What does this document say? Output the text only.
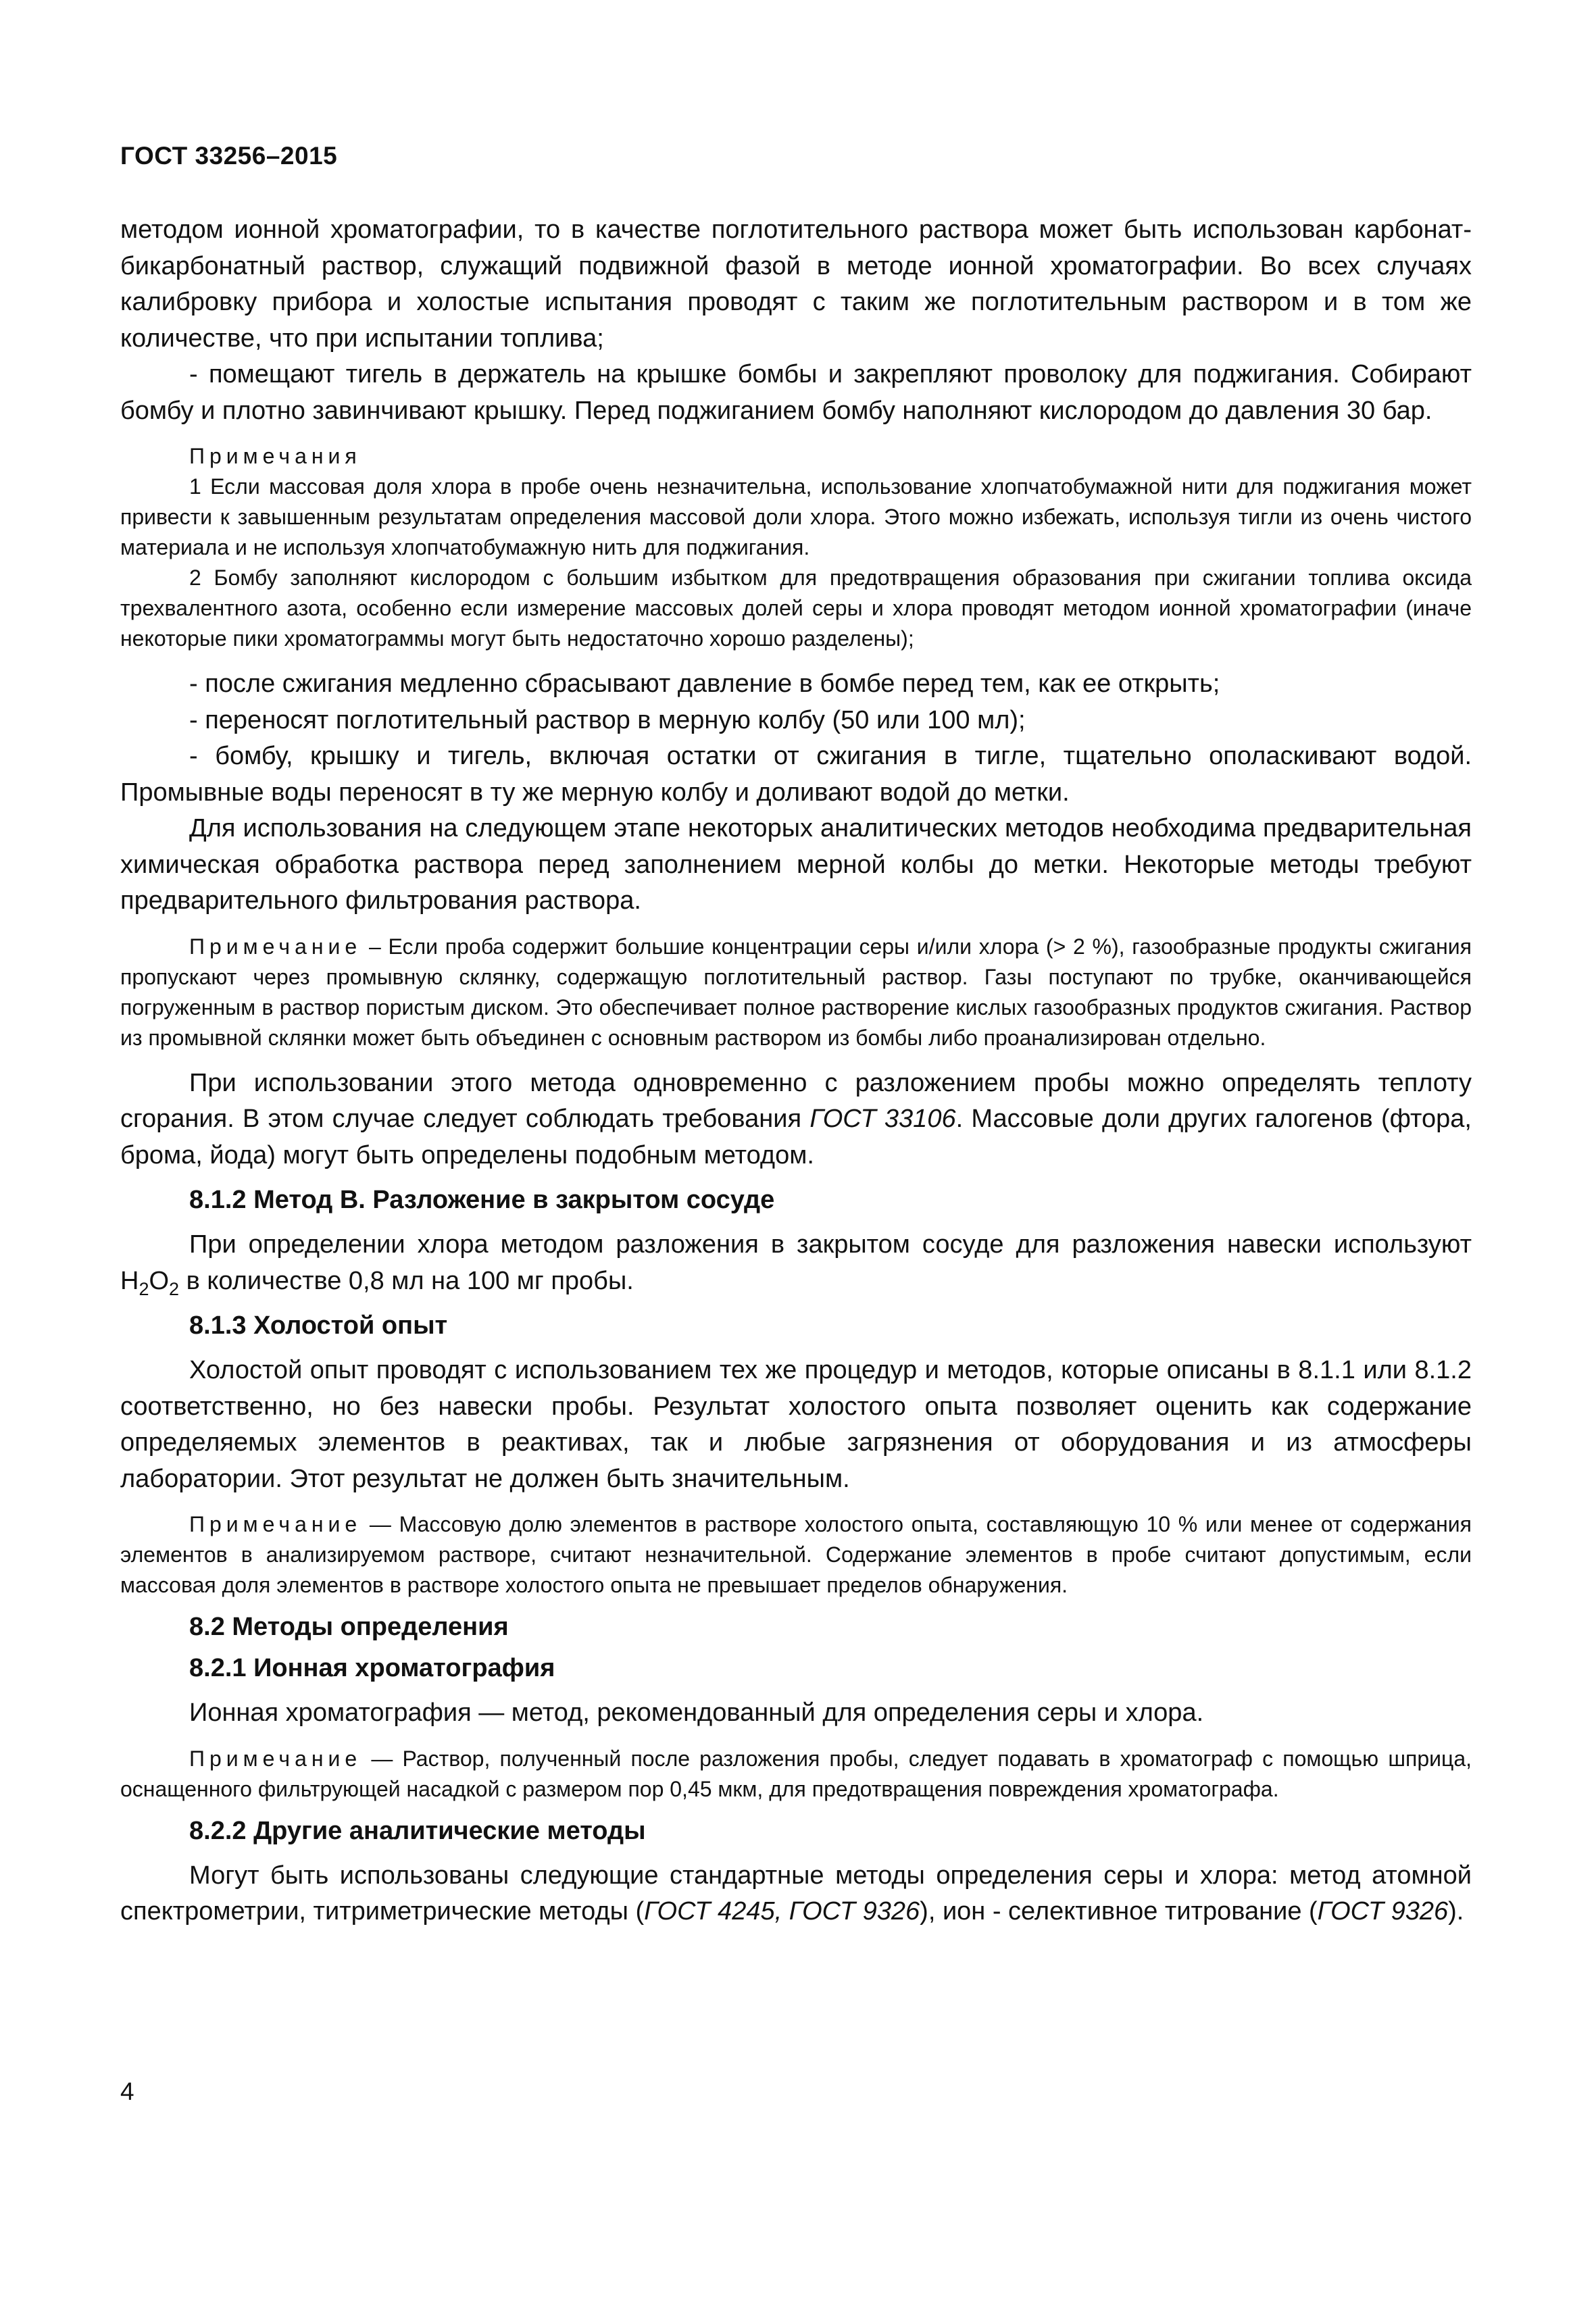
ГОСТ 33256–2015

методом ионной хроматографии, то в качестве поглотительного раствора может быть использован карбонат-бикарбонатный раствор, служащий подвижной фазой в методе ионной хроматографии. Во всех случаях калибровку прибора и холостые испытания проводят с таким же поглотительным раствором и в том же количестве, что при испытании топлива;

- помещают тигель в держатель на крышке бомбы и закрепляют проволоку для поджигания. Собирают бомбу и плотно завинчивают крышку. Перед поджиганием бомбу наполняют кислородом до давления 30 бар.

Примечания

1 Если массовая доля хлора в пробе очень незначительна, использование хлопчатобумажной нити для поджигания может привести к завышенным результатам определения массовой доли хлора. Этого можно избежать, используя тигли из очень чистого материала и не используя хлопчатобумажную нить для поджигания.

2 Бомбу заполняют кислородом с большим избытком для предотвращения образования при сжигании топлива оксида трехвалентного азота, особенно если измерение массовых долей серы и хлора проводят методом ионной хроматографии (иначе некоторые пики хроматограммы могут быть недостаточно хорошо разделены);

- после сжигания медленно сбрасывают давление в бомбе перед тем, как ее открыть;

- переносят поглотительный раствор в мерную колбу (50 или 100 мл);

- бомбу, крышку и тигель, включая остатки от сжигания в тигле, тщательно ополаскивают водой. Промывные воды переносят в ту же мерную колбу и доливают водой до метки.

Для использования на следующем этапе некоторых аналитических методов необходима предварительная химическая обработка раствора перед заполнением мерной колбы до метки. Некоторые методы требуют предварительного фильтрования раствора.

Примечание – Если проба содержит большие концентрации серы и/или хлора (> 2 %), газообразные продукты сжигания пропускают через промывную склянку, содержащую поглотительный раствор. Газы поступают по трубке, оканчивающейся погруженным в раствор пористым диском. Это обеспечивает полное растворение кислых газообразных продуктов сжигания. Раствор из промывной склянки может быть объединен с основным раствором из бомбы либо проанализирован отдельно.

При использовании этого метода одновременно с разложением пробы можно определять теплоту сгорания. В этом случае следует соблюдать требования ГОСТ 33106. Массовые доли других галогенов (фтора, брома, йода) могут быть определены подобным методом.

8.1.2 Метод В. Разложение в закрытом сосуде

При определении хлора методом разложения в закрытом сосуде для разложения навески используют $H_2O_2$ в количестве 0,8 мл на 100 мг пробы.

8.1.3 Холостой опыт

Холостой опыт проводят с использованием тех же процедур и методов, которые описаны в 8.1.1 или 8.1.2 соответственно, но без навески пробы. Результат холостого опыта позволяет оценить как содержание определяемых элементов в реактивах, так и любые загрязнения от оборудования и из атмосферы лаборатории. Этот результат не должен быть значительным.

Примечание — Массовую долю элементов в растворе холостого опыта, составляющую 10 % или менее от содержания элементов в анализируемом растворе, считают незначительной. Содержание элементов в пробе считают допустимым, если массовая доля элементов в растворе холостого опыта не превышает пределов обнаружения.

8.2 Методы определения

8.2.1 Ионная хроматография

Ионная хроматография — метод, рекомендованный для определения серы и хлора.

Примечание — Раствор, полученный после разложения пробы, следует подавать в хроматограф с помощью шприца, оснащенного фильтрующей насадкой с размером пор 0,45 мкм, для предотвращения повреждения хроматографа.

8.2.2 Другие аналитические методы

Могут быть использованы следующие стандартные методы определения серы и хлора: метод атомной спектрометрии, титриметрические методы (ГОСТ 4245, ГОСТ 9326), ион - селективное титрование (ГОСТ 9326).

4
